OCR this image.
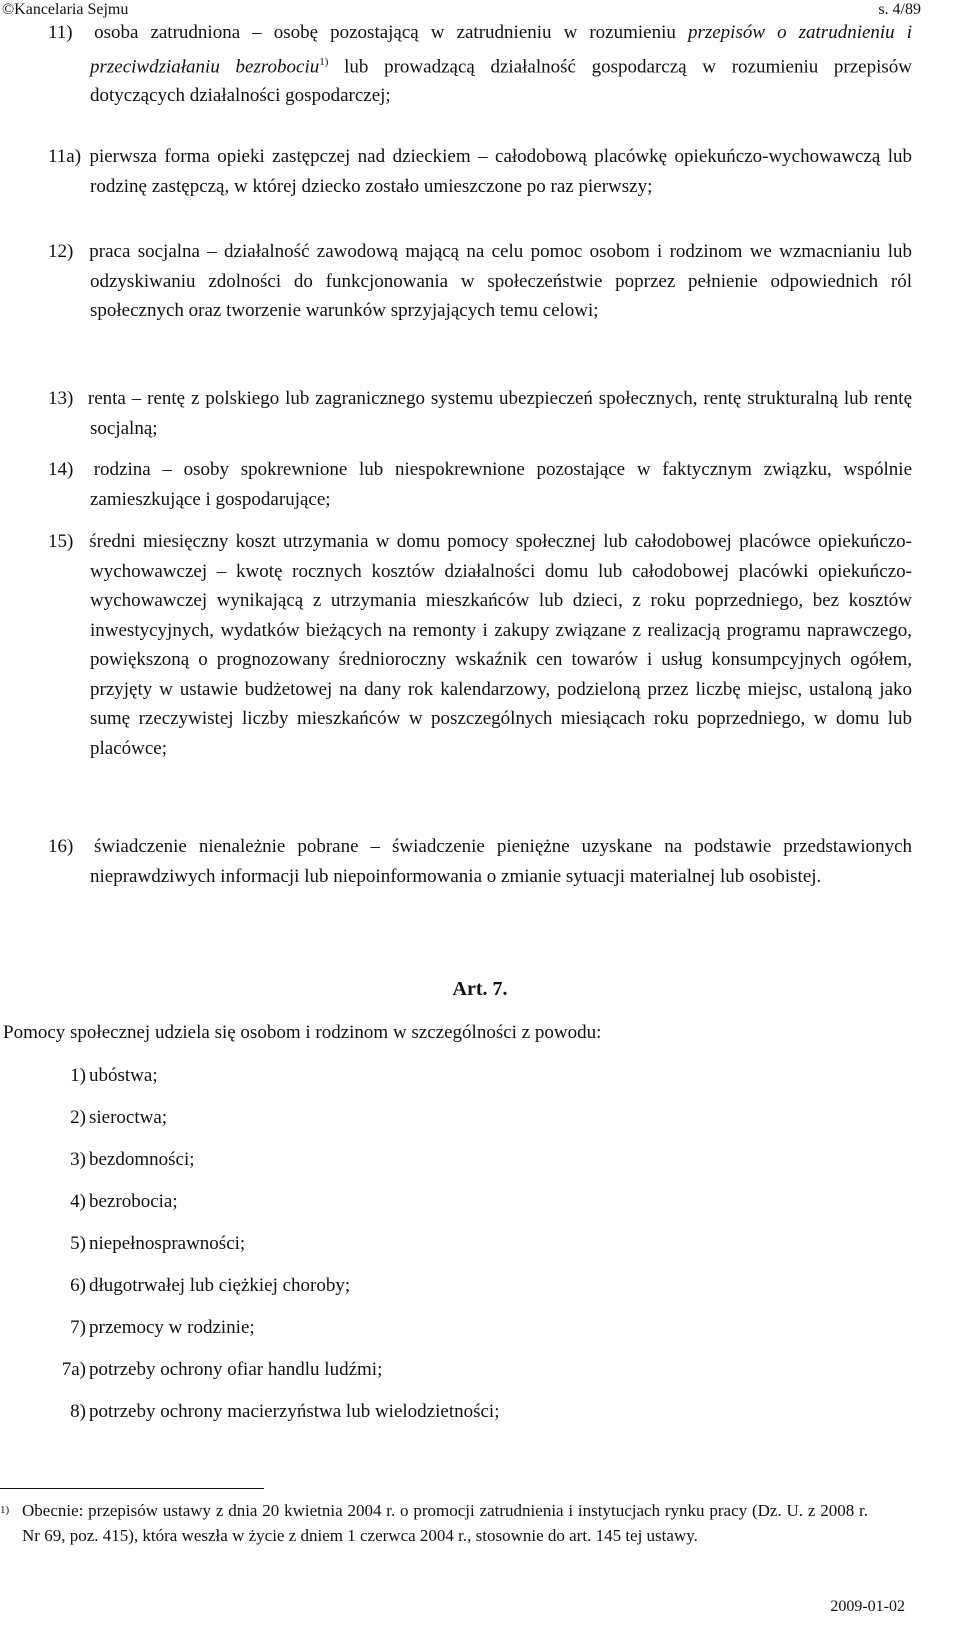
©Kancelaria Sejmu	s. 4/89
11) osoba zatrudniona – osobę pozostającą w zatrudnieniu w rozumieniu przepisów o zatrudnieniu i przeciwdziałaniu bezrobociu$^{1)}$ lub prowadzącą działalność gospodarczą w rozumieniu przepisów dotyczących działalności gospodarczej;
11a) pierwsza forma opieki zastępczej nad dzieckiem – całodobową placówkę opiekuńczo-wychowawczą lub rodzinę zastępczą, w której dziecko zostało umieszczone po raz pierwszy;
12) praca socjalna – działalność zawodową mającą na celu pomoc osobom i rodzinom we wzmacnianiu lub odzyskiwaniu zdolności do funkcjonowania w społeczeństwie poprzez pełnienie odpowiednich ról społecznych oraz tworzenie warunków sprzyjających temu celowi;
13) renta – rentę z polskiego lub zagranicznego systemu ubezpieczeń społecznych, rentę strukturalną lub rentę socjalną;
14) rodzina – osoby spokrewnione lub niespokrewnione pozostające w faktycznym związku, wspólnie zamieszkujące i gospodarujące;
15) średni miesięczny koszt utrzymania w domu pomocy społecznej lub całodobowej placówce opiekuńczo-wychowawczej – kwotę rocznych kosztów działalności domu lub całodobowej placówki opiekuńczo-wychowawczej wynikającą z utrzymania mieszkańców lub dzieci, z roku poprzedniego, bez kosztów inwestycyjnych, wydatków bieżących na remonty i zakupy związane z realizacją programu naprawczego, powiększoną o prognozowany średnioroczny wskaźnik cen towarów i usług konsumpcyjnych ogółem, przyjęty w ustawie budżetowej na dany rok kalendarzowy, podzieloną przez liczbę miejsc, ustaloną jako sumę rzeczywistej liczby mieszkańców w poszczególnych miesiącach roku poprzedniego, w domu lub placówce;
16) świadczenie nienależnie pobrane – świadczenie pieniężne uzyskane na podstawie przedstawionych nieprawdziwych informacji lub niepoinformowania o zmianie sytuacji materialnej lub osobistej.
Art. 7.
Pomocy społecznej udziela się osobom i rodzinom w szczególności z powodu:
1) ubóstwa;
2) sieroctwa;
3) bezdomności;
4) bezrobocia;
5) niepełnosprawności;
6) długotrwałej lub ciężkiej choroby;
7) przemocy w rodzinie;
7a) potrzeby ochrony ofiar handlu ludźmi;
8) potrzeby ochrony macierzyństwa lub wielodzietności;
1) Obecnie: przepisów ustawy z dnia 20 kwietnia 2004 r. o promocji zatrudnienia i instytucjach rynku pracy (Dz. U. z 2008 r. Nr 69, poz. 415), która weszła w życie z dniem 1 czerwca 2004 r., stosownie do art. 145 tej ustawy.
2009-01-02
